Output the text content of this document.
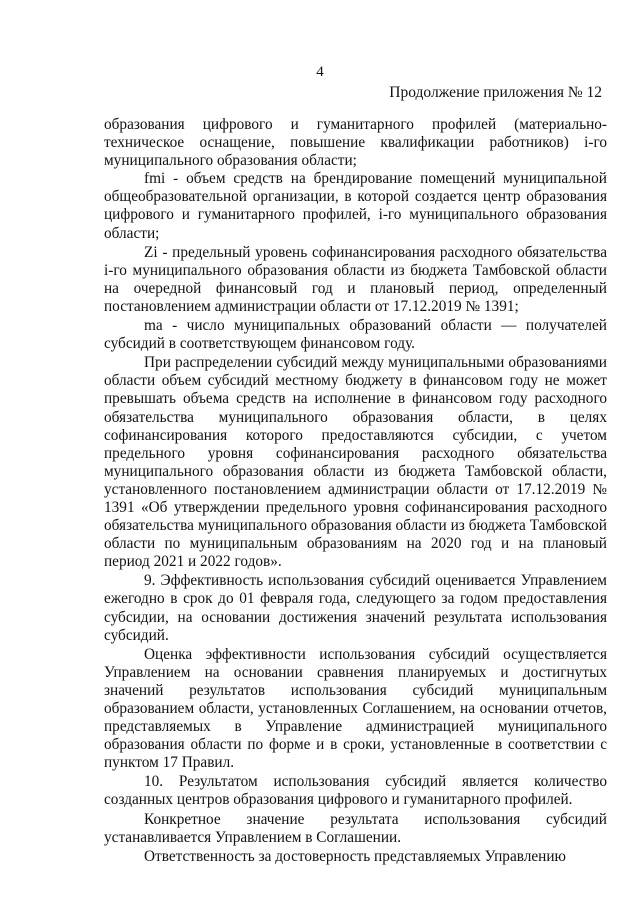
4
Продолжение приложения № 12

образования цифрового и гуманитарного профилей (материально-техническое оснащение, повышение квалификации работников) i-го муниципального образования области;

fmi - объем средств на брендирование помещений муниципальной общеобразовательной организации, в которой создается центр образования цифрового и гуманитарного профилей, i-го муниципального образования области;

Zi - предельный уровень софинансирования расходного обязательства i-го муниципального образования области из бюджета Тамбовской области на очередной финансовый год и плановый период, определенный постановлением администрации области от 17.12.2019 № 1391;

mа - число муниципальных образований области — получателей субсидий в соответствующем финансовом году.

При распределении субсидий между муниципальными образованиями области объем субсидий местному бюджету в финансовом году не может превышать объема средств на исполнение в финансовом году расходного обязательства муниципального образования области, в целях софинансирования которого предоставляются субсидии, с учетом предельного уровня софинансирования расходного обязательства муниципального образования области из бюджета Тамбовской области, установленного постановлением администрации области от 17.12.2019 № 1391 «Об утверждении предельного уровня софинансирования расходного обязательства муниципального образования области из бюджета Тамбовской области по муниципальным образованиям на 2020 год и на плановый период 2021 и 2022 годов».

9. Эффективность использования субсидий оценивается Управлением ежегодно в срок до 01 февраля года, следующего за годом предоставления субсидии, на основании достижения значений результата использования субсидий.

Оценка эффективности использования субсидий осуществляется Управлением на основании сравнения планируемых и достигнутых значений результатов использования субсидий муниципальным образованием области, установленных Соглашением, на основании отчетов, представляемых в Управление администрацией муниципального образования области по форме и в сроки, установленные в соответствии с пунктом 17 Правил.

10. Результатом использования субсидий является количество созданных центров образования цифрового и гуманитарного профилей.

Конкретное значение результата использования субсидий устанавливается Управлением в Соглашении.

Ответственность за достоверность представляемых Управлению
